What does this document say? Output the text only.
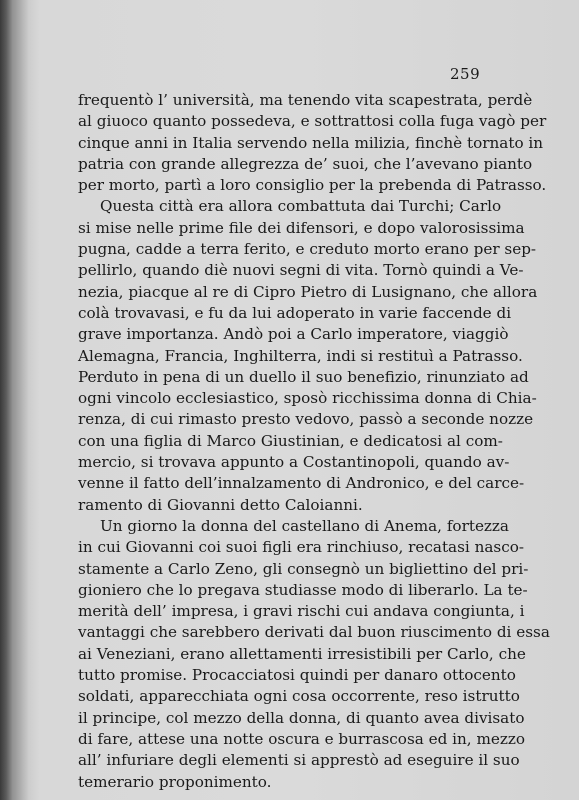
259
frequentò l’ università, ma tenendo vita scapestrata, perdè
al giuoco quanto possedeva, e sottrattosi colla fuga vagò per
cinque anni in Italia servendo nella milizia, finchè tornato in
patria con grande allegrezza de’ suoi, che l’avevano pianto
per morto, partì a loro consiglio per la prebenda di Patrasso.
Questa città era allora combattuta dai Turchi; Carlo
si mise nelle prime file dei difensori, e dopo valorosissima
pugna, cadde a terra ferito, e creduto morto erano per sep-
pellirlo, quando diè nuovi segni di vita. Tornò quindi a Ve-
nezia, piacque al re di Cipro Pietro di Lusignano, che allora
colà trovavasi, e fu da lui adoperato in varie faccende di
grave importanza. Andò poi a Carlo imperatore, viaggiò
Alemagna, Francia, Inghilterra, indi si restituì a Patrasso.
Perduto in pena di un duello il suo benefizio, rinunziato ad
ogni vincolo ecclesiastico, sposò ricchissima donna di Chia-
renza, di cui rimasto presto vedovo, passò a seconde nozze
con una figlia di Marco Giustinian, e dedicatosi al com-
mercio, si trovava appunto a Costantinopoli, quando av-
venne il fatto dell’innalzamento di Andronico, e del carce-
ramento di Giovanni detto Caloianni.
Un giorno la donna del castellano di Anema, fortezza
in cui Giovanni coi suoi figli era rinchiuso, recatasi nasco-
stamente a Carlo Zeno, gli consegnò un bigliettino del pri-
gioniero che lo pregava studiasse modo di liberarlo. La te-
merità dell’ impresa, i gravi rischi cui andava congiunta, i
vantaggi che sarebbero derivati dal buon riuscimento di essa
ai Veneziani, erano allettamenti irresistibili per Carlo, che
tutto promise. Procacciatosi quindi per danaro ottocento
soldati, apparecchiata ogni cosa occorrente, reso istrutto
il principe, col mezzo della donna, di quanto avea divisato
di fare, attese una notte oscura e burrascosa ed in, mezzo
all’ infuriare degli elementi si apprestò ad eseguire il suo
temerario proponimento.
